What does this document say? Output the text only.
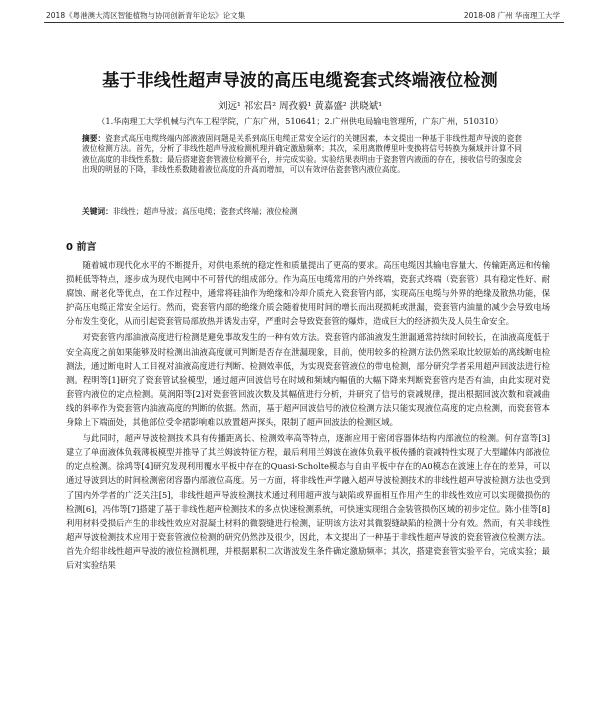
2018《粤港澳大湾区智能植物与协同创新青年论坛》论文集	2018-08 广州 华南理工大学
基于非线性超声导波的高压电缆瓷套式终端液位检测
刘远¹ 祁宏昌² 周孜毅¹ 黄嘉盛² 洪晓斌¹
（1.华南理工大学机械与汽车工程学院，广东广州，510641；2.广州供电局输电管理所，广东广州，510310）
摘要：瓷套式高压电缆终端内部液液固问题是关系到高压电缆正常安全运行的关键因素，本文提出一种基于非线性超声导波的瓷套液位检测方法。首先，分析了非线性超声导波检测机理并确定激励频率；其次，采用离散傅里叶变换将信号转换为频域并计算不同液位高度的非线性系数；最后搭建瓷套管液位检测平台，并完成实验。实验结果表明由于瓷套管内液面的存在，接收信号的强度会出现的明显的下降，非线性系数随着液位高度的升高而增加，可以有效评估瓷套管内液位高度。
关键词：非线性；超声导波；高压电缆；瓷套式终端；液位检测
0 前言

随着城市现代化水平的不断提升，对供电系统的稳定性和质量提出了更高的要求。高压电缆因其输电容量大、传输距离远和传输损耗低等特点，逐步成为现代电网中不可替代的组成部分。作为高压电缆常用的户外终端，瓷套式终端（瓷套管）具有稳定性好、耐腐蚀、耐老化等优点，在工作过程中，通常将硅油作为绝缘和冷却介质充入瓷套管内部，实现高压电缆与外界的绝缘及散热功能，保护高压电缆正常安全运行。然而，瓷套管内部的绝缘介质会随着使用时间的增长而出现损耗或泄漏，瓷套管内油量的减少会导致电场分布发生变化，从而引起瓷套管局部放热并诱发击穿，严重时会导致瓷套管的爆炸，造成巨大的经济损失及人员生命安全。

对瓷套管内部油液高度进行检测是避免事故发生的一种有效方法。瓷套管内部油液发生泄漏通常持续时间较长，在油液高度低于安全高度之前如果能够及时检测出油液高度就可判断是否存在泄漏现象，目前，使用较多的检测方法仍然采取比较原始的离线断电检测法，通过断电时人工目视对油液高度进行判断、检测效率低，为实现瓷套管液位的带电检测，部分研究学者采用超声回波法进行检测。程明等[1]研究了瓷套管试验模型，通过超声回波信号在时域和频域内幅值的大幅下降来判断瓷套管内是否有油，由此实现对瓷套管内液位的定点检测。莫润阳等[2]对瓷套管回波次数及其幅值进行分析，并研究了信号的衰减规律，提出根据回波次数和衰减曲线的斜率作为瓷套管内油液高度的判断的依据。然而，基于超声回波信号的液位检测方法只能实现液位高度的定点检测，而瓷套管本身除上下端面处，其他部位受伞裙影响难以放置超声探头，限制了超声回波法的检测区域。

与此同时，超声导波检测技术具有传播距离长、检测效率高等特点，逐渐应用于密闭容器体结构内部液位的检测。何存富等[3]建立了单面液体负载薄板模型并推导了其兰姆波特征方程，最后利用兰姆波在液体负载平板传播的衰减特性实现了大型罐体内部液位的定点检测。徐鸿等[4]研究发现利用覆水平板中存在的Quasi-Scholte模态与自由平板中存在的A0模态在波速上存在的差异，可以通过导波到达的时间检测密闭容器内部液位高度。另一方面，将非线性声学融入超声导波检测技术的非线性超声导波检测方法也受到了国内外学者的广泛关注[5]，非线性超声导波检测技术通过利用超声波与缺陷或界面相互作用产生的非线性效应可以实现微损伤的检测[6]，冯伟等[7]搭建了基于非线性超声检测技术的多点快速检测系统，可快速实现组合金装管损伤区域的初步定位。陈小佳等[8]利用材料受损后产生的非线性效应对混凝土材料的微裂缝进行检测，证明该方法对其微裂缝缺陷的检测十分有效。然而，有关非线性超声导波检测技术应用于瓷套管液位检测的研究仍然涉及很少，因此，本文提出了一种基于非线性超声导波的瓷套管液位检测方法。首先介绍非线性超声导波的液位检测机理，并根据累积二次谐波发生条件确定激励频率；其次，搭建瓷套管实验平台，完成实验；最后对实验结果
